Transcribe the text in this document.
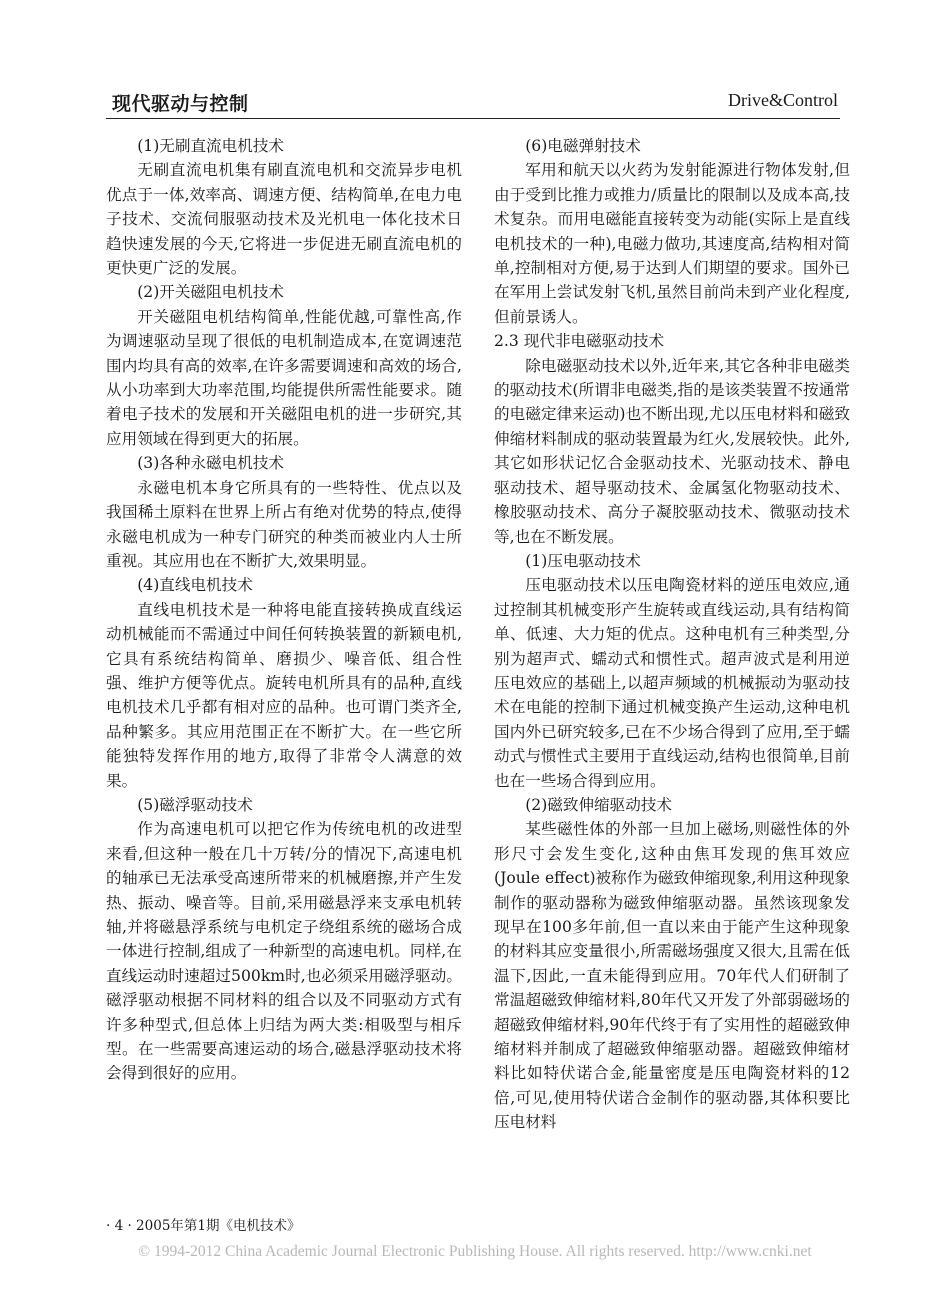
现代驱动与控制	Drive&Control

(1)无刷直流电机技术

无刷直流电机集有刷直流电机和交流异步电机优点于一体,效率高、调速方便、结构简单,在电力电子技术、交流伺服驱动技术及光机电一体化技术日趋快速发展的今天,它将进一步促进无刷直流电机的更快更广泛的发展。

(2)开关磁阻电机技术

开关磁阻电机结构简单,性能优越,可靠性高,作为调速驱动呈现了很低的电机制造成本,在宽调速范围内均具有高的效率,在许多需要调速和高效的场合,从小功率到大功率范围,均能提供所需性能要求。随着电子技术的发展和开关磁阻电机的进一步研究,其应用领域在得到更大的拓展。

(3)各种永磁电机技术

永磁电机本身它所具有的一些特性、优点以及我国稀土原料在世界上所占有绝对优势的特点,使得永磁电机成为一种专门研究的种类而被业内人士所重视。其应用也在不断扩大,效果明显。

(4)直线电机技术

直线电机技术是一种将电能直接转换成直线运动机械能而不需通过中间任何转换装置的新颖电机,它具有系统结构简单、磨损少、噪音低、组合性强、维护方便等优点。旋转电机所具有的品种,直线电机技术几乎都有相对应的品种。也可谓门类齐全,品种繁多。其应用范围正在不断扩大。在一些它所能独特发挥作用的地方,取得了非常令人满意的效果。

(5)磁浮驱动技术

作为高速电机可以把它作为传统电机的改进型来看,但这种一般在几十万转/分的情况下,高速电机的轴承已无法承受高速所带来的机械磨擦,并产生发热、振动、噪音等。目前,采用磁悬浮来支承电机转轴,并将磁悬浮系统与电机定子绕组系统的磁场合成一体进行控制,组成了一种新型的高速电机。同样,在直线运动时速超过500km时,也必须采用磁浮驱动。磁浮驱动根据不同材料的组合以及不同驱动方式有许多种型式,但总体上归结为两大类:相吸型与相斥型。在一些需要高速运动的场合,磁悬浮驱动技术将会得到很好的应用。

(6)电磁弹射技术

军用和航天以火药为发射能源进行物体发射,但由于受到比推力或推力/质量比的限制以及成本高,技术复杂。而用电磁能直接转变为动能(实际上是直线电机技术的一种),电磁力做功,其速度高,结构相对简单,控制相对方便,易于达到人们期望的要求。国外已在军用上尝试发射飞机,虽然目前尚未到产业化程度,但前景诱人。

2.3 现代非电磁驱动技术

除电磁驱动技术以外,近年来,其它各种非电磁类的驱动技术(所谓非电磁类,指的是该类装置不按通常的电磁定律来运动)也不断出现,尤以压电材料和磁致伸缩材料制成的驱动装置最为红火,发展较快。此外,其它如形状记忆合金驱动技术、光驱动技术、静电驱动技术、超导驱动技术、金属氢化物驱动技术、橡胶驱动技术、高分子凝胶驱动技术、微驱动技术等,也在不断发展。

(1)压电驱动技术

压电驱动技术以压电陶瓷材料的逆压电效应,通过控制其机械变形产生旋转或直线运动,具有结构简单、低速、大力矩的优点。这种电机有三种类型,分别为超声式、蠕动式和惯性式。超声波式是利用逆压电效应的基础上,以超声频域的机械振动为驱动技术在电能的控制下通过机械变换产生运动,这种电机国内外已研究较多,已在不少场合得到了应用,至于蠕动式与惯性式主要用于直线运动,结构也很简单,目前也在一些场合得到应用。

(2)磁致伸缩驱动技术

某些磁性体的外部一旦加上磁场,则磁性体的外形尺寸会发生变化,这种由焦耳发现的焦耳效应(Joule effect)被称作为磁致伸缩现象,利用这种现象制作的驱动器称为磁致伸缩驱动器。虽然该现象发现早在100多年前,但一直以来由于能产生这种现象的材料其应变量很小,所需磁场强度又很大,且需在低温下,因此,一直未能得到应用。70年代人们研制了常温超磁致伸缩材料,80年代又开发了外部弱磁场的超磁致伸缩材料,90年代终于有了实用性的超磁致伸缩材料并制成了超磁致伸缩驱动器。超磁致伸缩材料比如特伏诺合金,能量密度是压电陶瓷材料的12倍,可见,使用特伏诺合金制作的驱动器,其体积要比压电材料

· 4 · 2005年第1期《电机技术》
© 1994-2012 China Academic Journal Electronic Publishing House. All rights reserved. http://www.cnki.net
